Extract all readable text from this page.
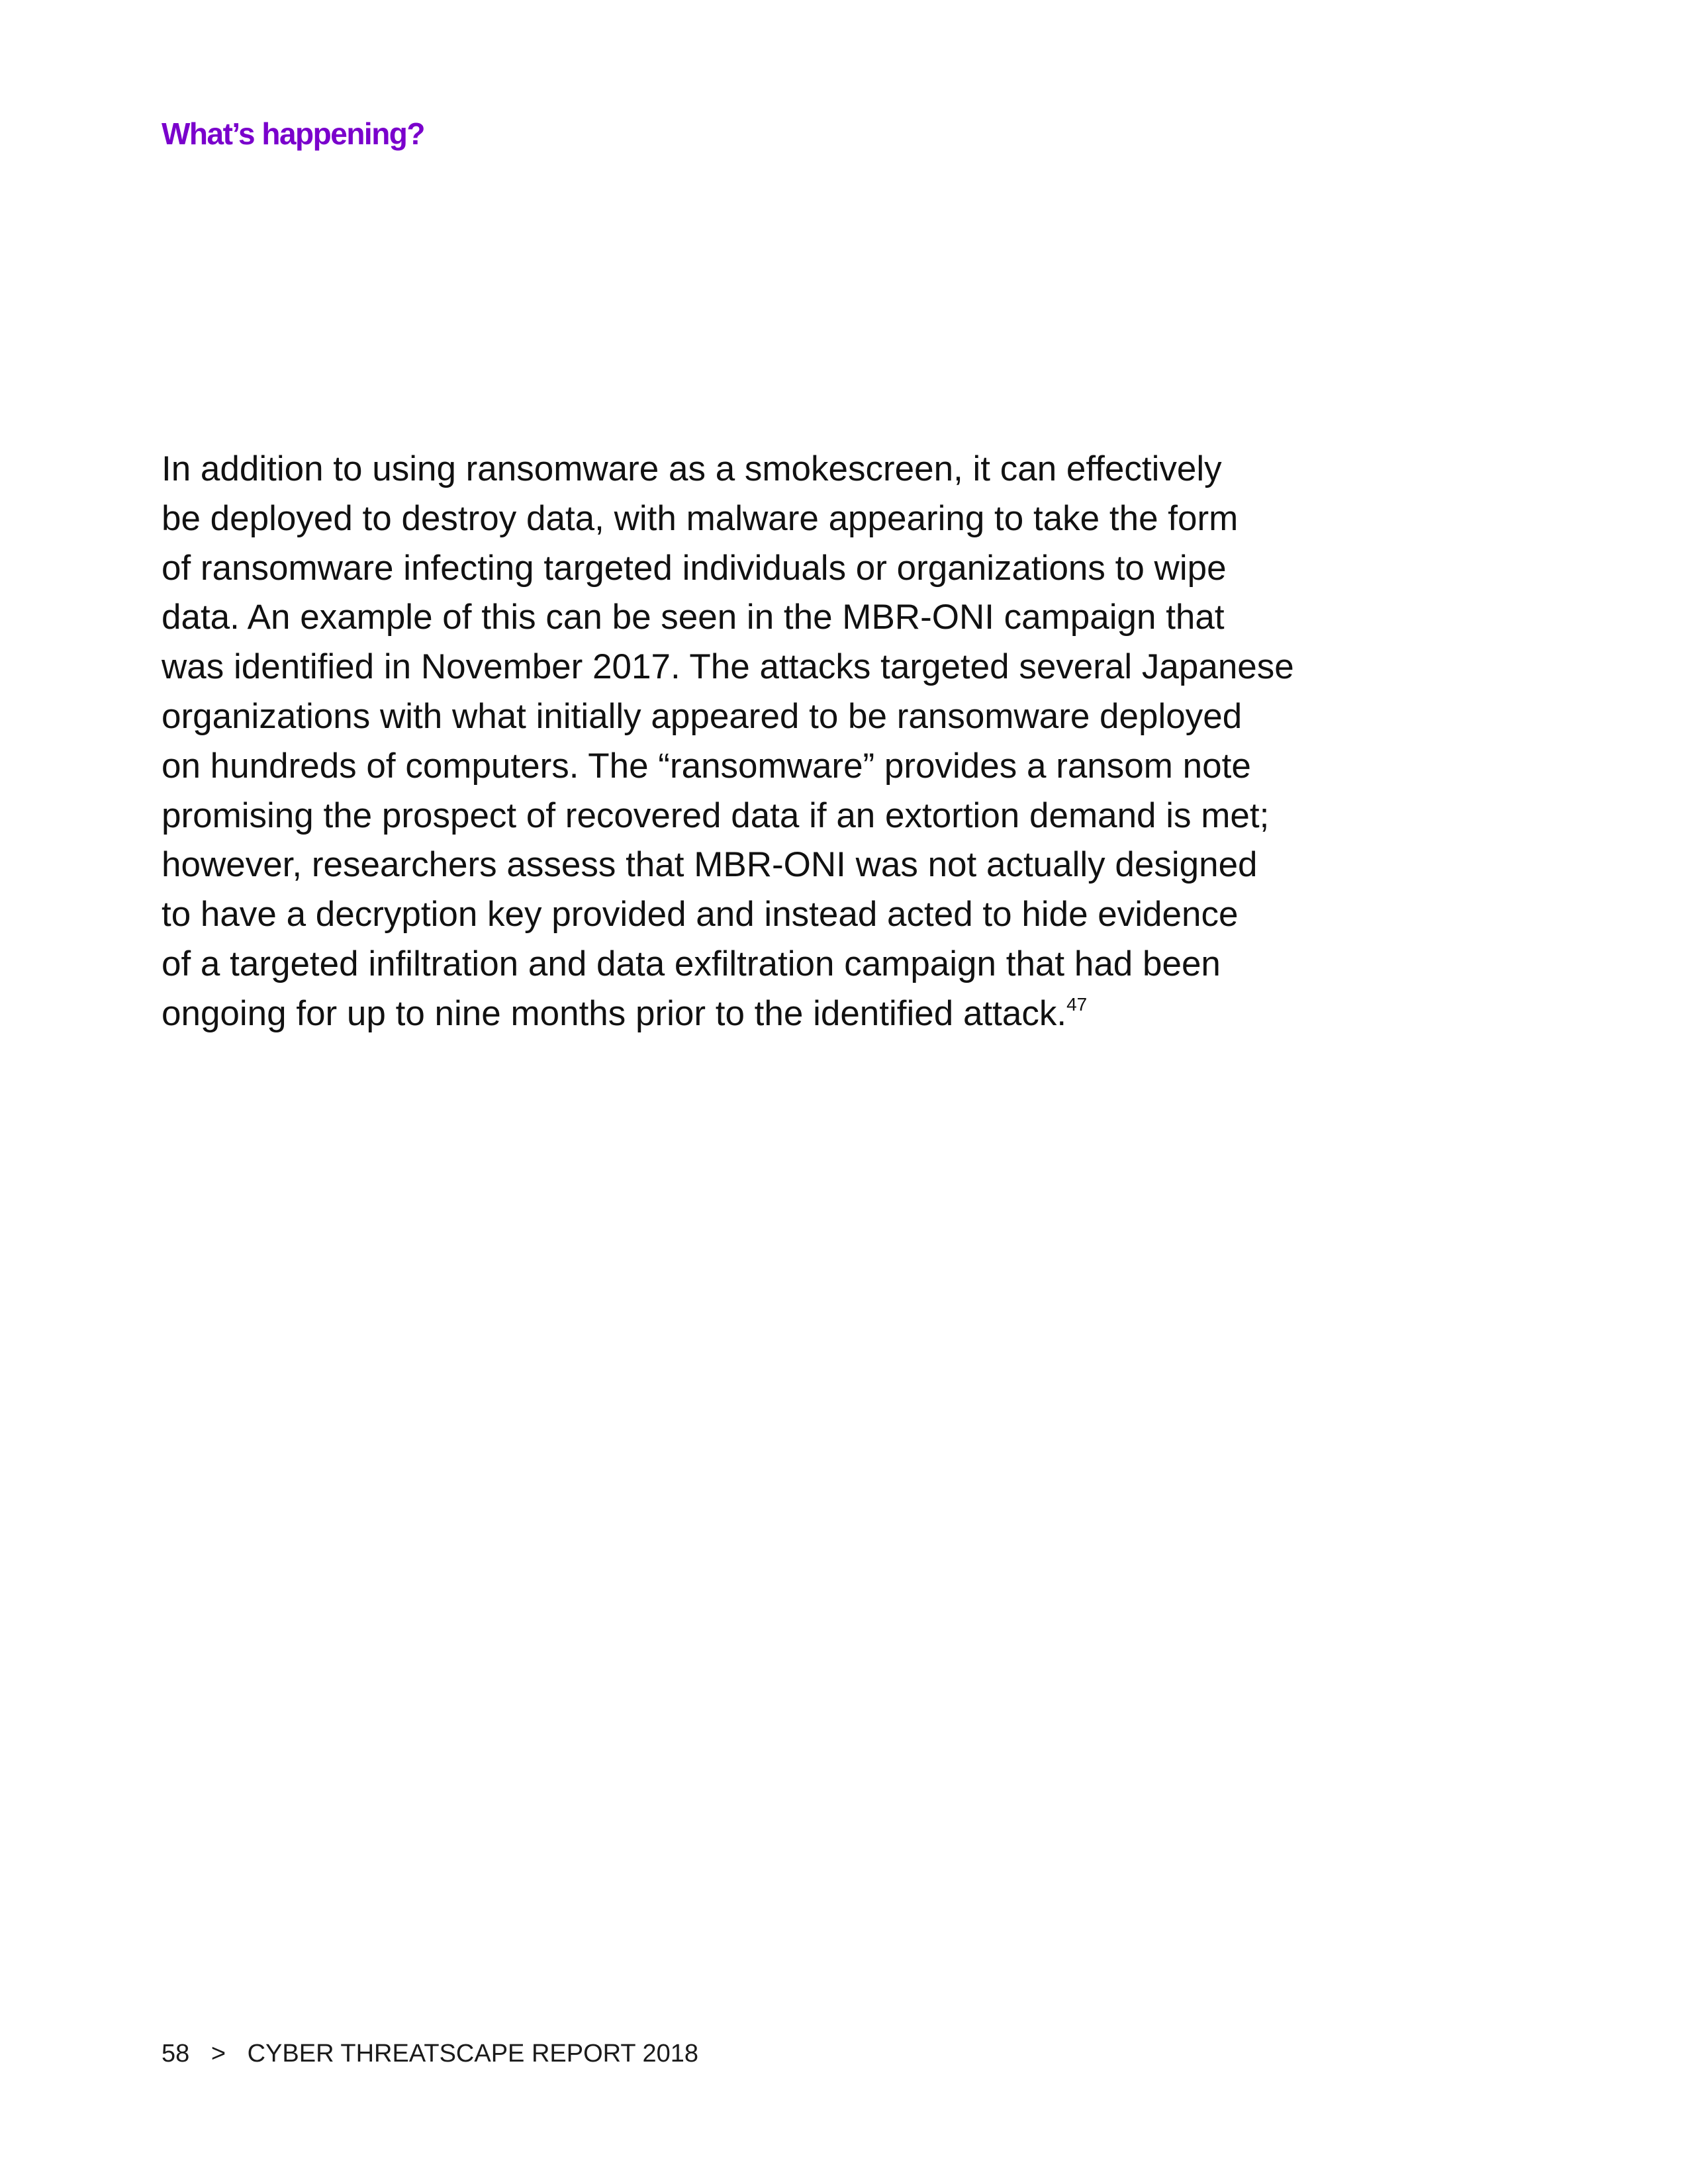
What’s happening?

In addition to using ransomware as a smokescreen, it can effectively
be deployed to destroy data, with malware appearing to take the form
of ransomware infecting targeted individuals or organizations to wipe
data. An example of this can be seen in the MBR-ONI campaign that
was identified in November 2017. The attacks targeted several Japanese
organizations with what initially appeared to be ransomware deployed
on hundreds of computers. The “ransomware” provides a ransom note
promising the prospect of recovered data if an extortion demand is met;
however, researchers assess that MBR-ONI was not actually designed
to have a decryption key provided and instead acted to hide evidence
of a targeted infiltration and data exfiltration campaign that had been
ongoing for up to nine months prior to the identified attack.$^{47}$

58 > CYBER THREATSCAPE REPORT 2018
